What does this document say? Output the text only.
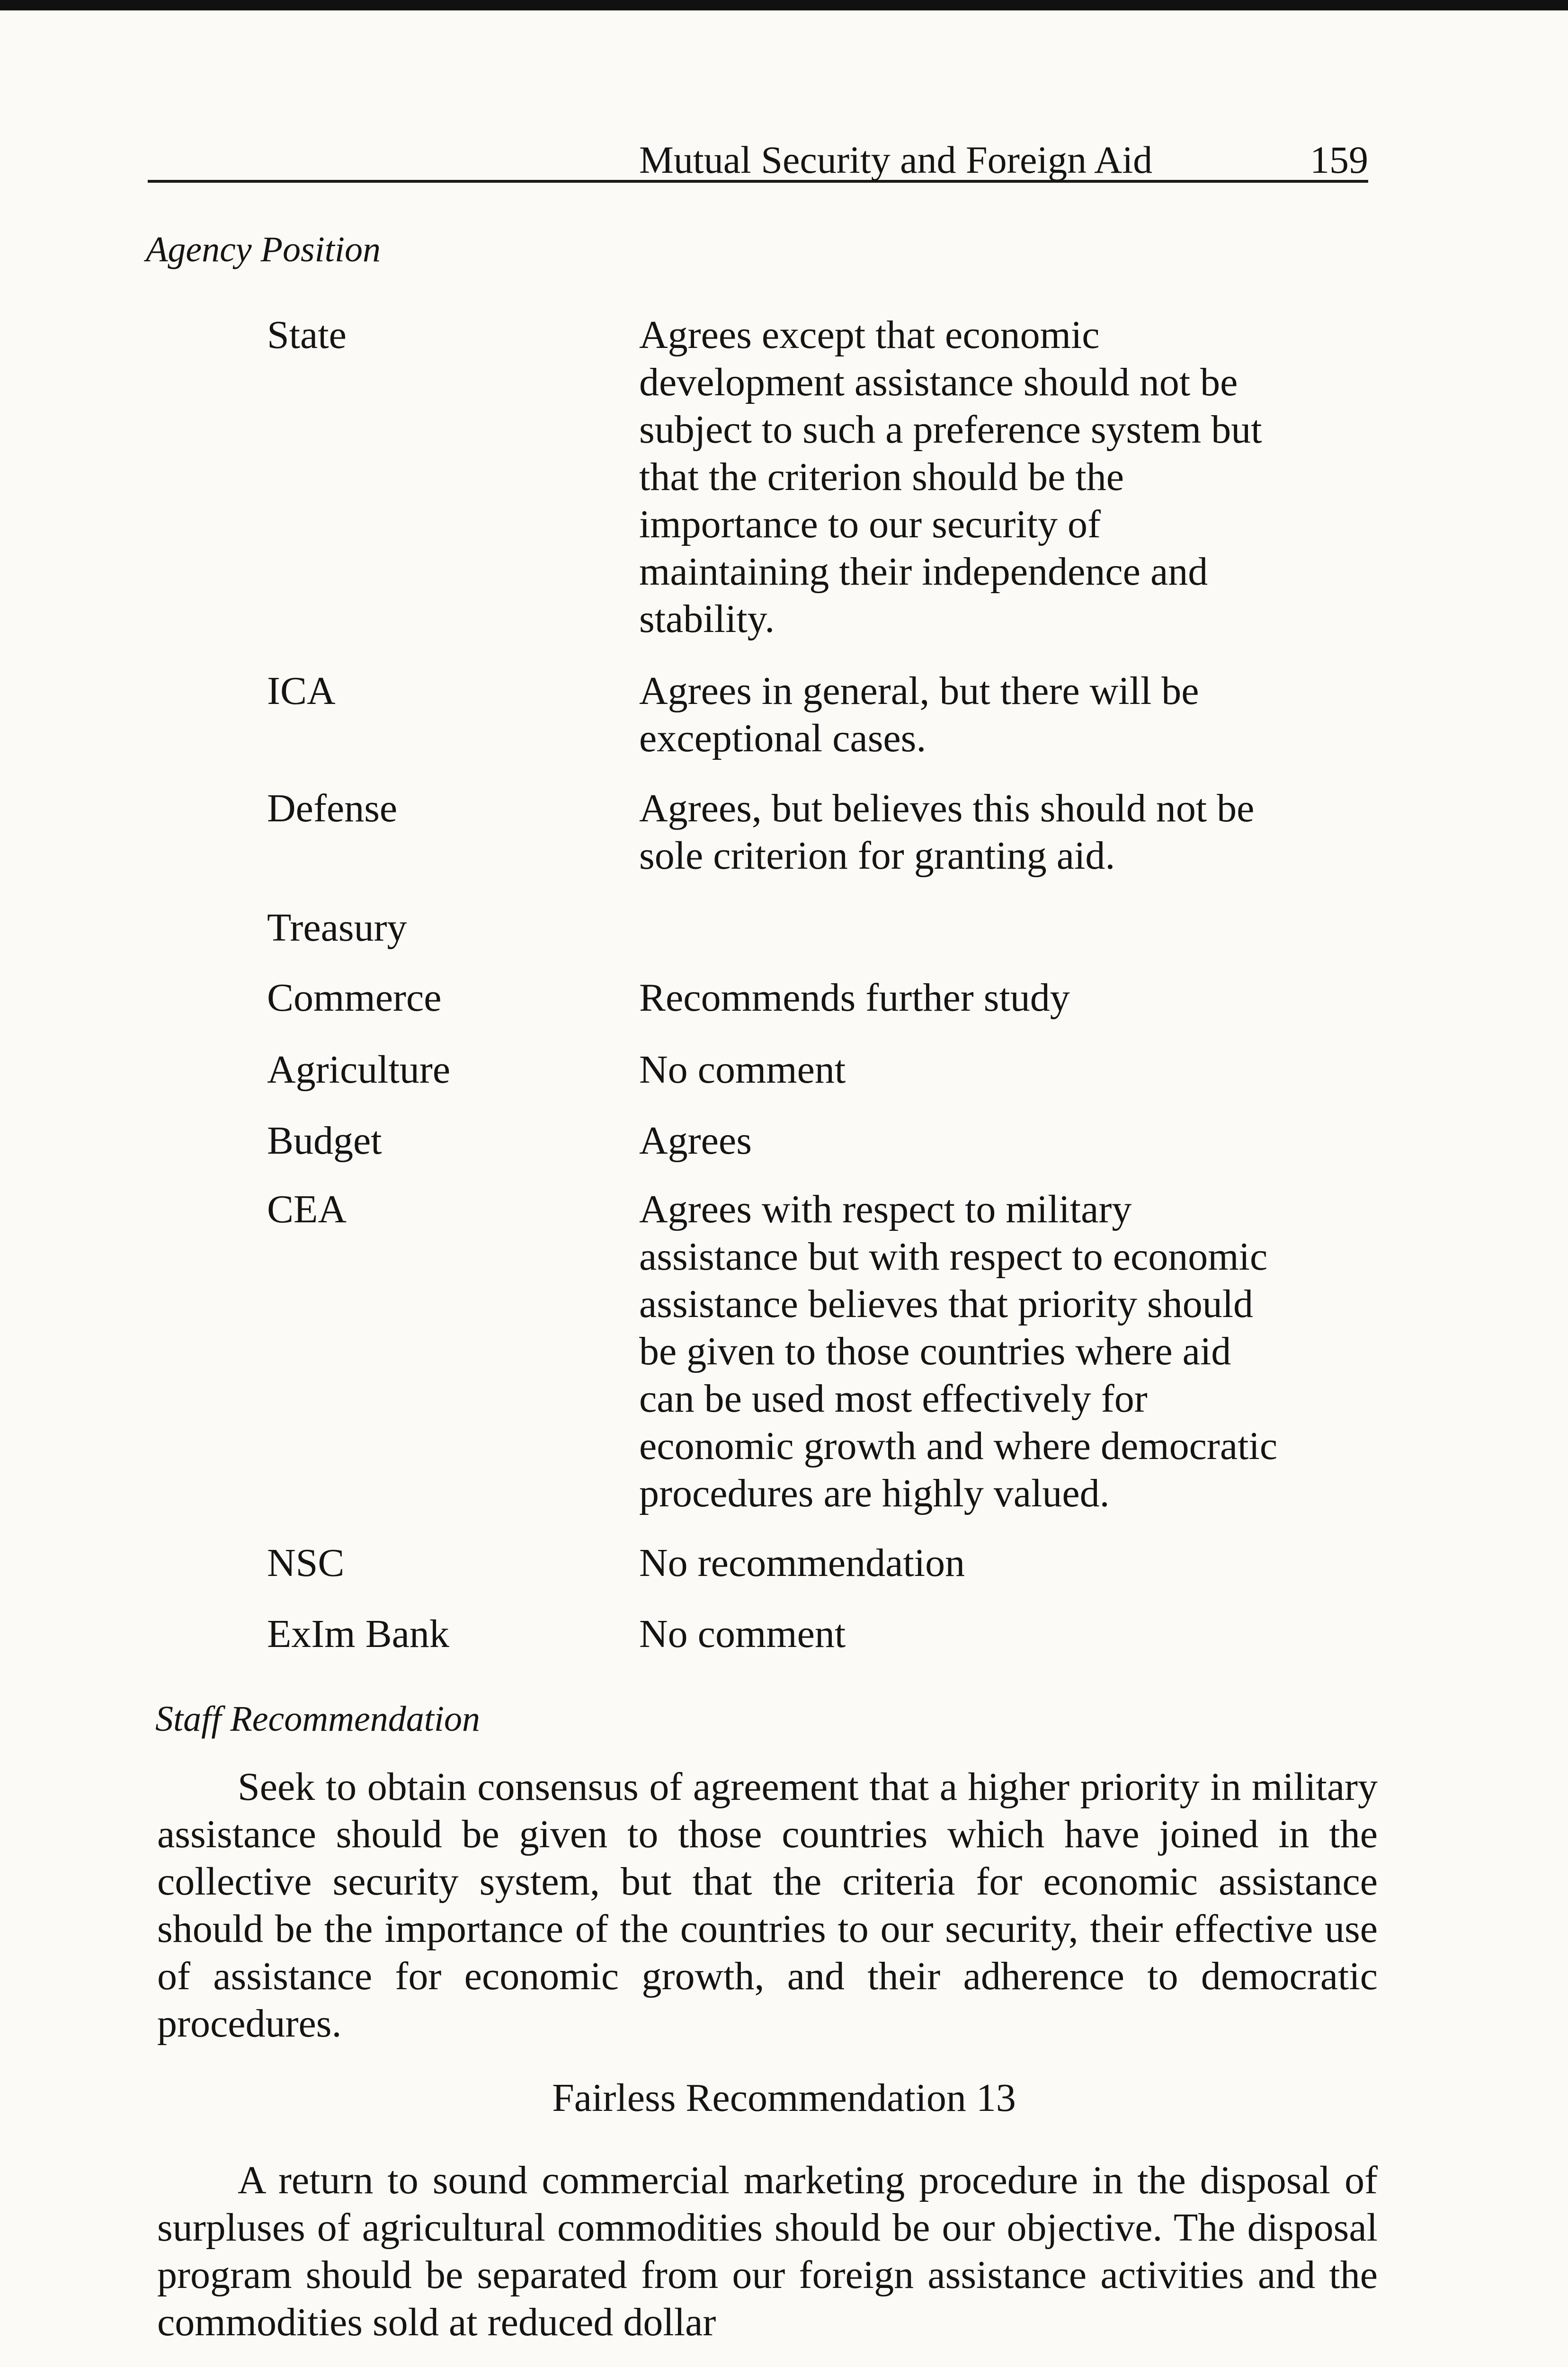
Mutual Security and Foreign Aid	159
Agency Position
State	Agrees except that economic
development assistance should not be
subject to such a preference system but
that the criterion should be the
importance to our security of
maintaining their independence and
stability.
ICA	Agrees in general, but there will be
exceptional cases.
Defense	Agrees, but believes this should not be
sole criterion for granting aid.
Treasury
Commerce	Recommends further study
Agriculture	No comment
Budget	Agrees
CEA	Agrees with respect to military
assistance but with respect to economic
assistance believes that priority should
be given to those countries where aid
can be used most effectively for
economic growth and where democratic
procedures are highly valued.
NSC	No recommendation
ExIm Bank	No comment
Staff Recommendation

Seek to obtain consensus of agreement that a higher priority in military assistance should be given to those countries which have joined in the collective security system, but that the criteria for economic assistance should be the importance of the countries to our security, their effective use of assistance for economic growth, and their adherence to democratic procedures.

Fairless Recommendation 13

A return to sound commercial marketing procedure in the disposal of surpluses of agricultural commodities should be our objective. The disposal program should be separated from our foreign assistance activities and the commodities sold at reduced dollar
